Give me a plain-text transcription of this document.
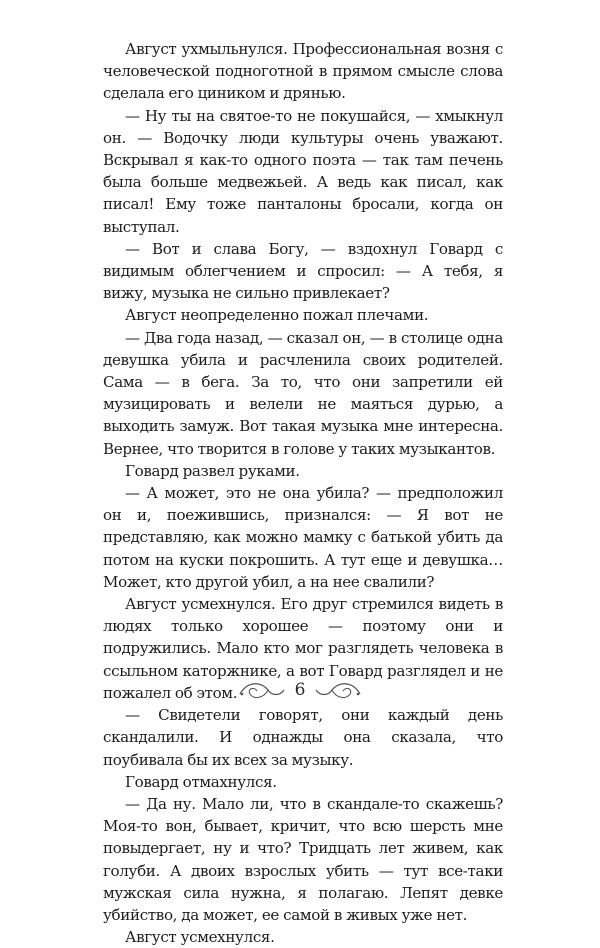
Август ухмыльнулся. Профессиональная возня с человеческой подноготной в прямом смысле слова сделала его циником и дрянью.

— Ну ты на святое-то не покушайся, — хмыкнул он. — Водочку люди культуры очень уважают. Вскрывал я как-то одного поэта — так там печень была больше медвежьей. А ведь как писал, как писал! Ему тоже панталоны бросали, когда он выступал.

— Вот и слава Богу, — вздохнул Говард с видимым облегчением и спросил: — А тебя, я вижу, музыка не сильно привлекает?

Август неопределенно пожал плечами.

— Два года назад, — сказал он, — в столице одна девушка убила и расчленила своих родителей. Сама — в бега. За то, что они запретили ей музицировать и велели не маяться дурью, а выходить замуж. Вот такая музыка мне интересна. Вернее, что творится в голове у таких музыкантов.

Говард развел руками.

— А может, это не она убила? — предположил он и, поежившись, признался: — Я вот не представляю, как можно мамку с батькой убить да потом на куски покрошить. А тут еще и девушка… Может, кто другой убил, а на нее свалили?

Август усмехнулся. Его друг стремился видеть в людях только хорошее — поэтому они и подружились. Мало кто мог разглядеть человека в ссыльном каторжнике, а вот Говард разглядел и не пожалел об этом.

— Свидетели говорят, они каждый день скандалили. И однажды она сказала, что поубивала бы их всех за музыку.

Говард отмахнулся.

— Да ну. Мало ли, что в скандале-то скажешь? Моя-то вон, бывает, кричит, что всю шерсть мне повыдергает, ну и что? Тридцать лет живем, как голуби. А двоих взрослых убить — тут все-таки мужская сила нужна, я полагаю. Лепят девке убийство, да может, ее самой в живых уже нет.

Август усмехнулся.

6
